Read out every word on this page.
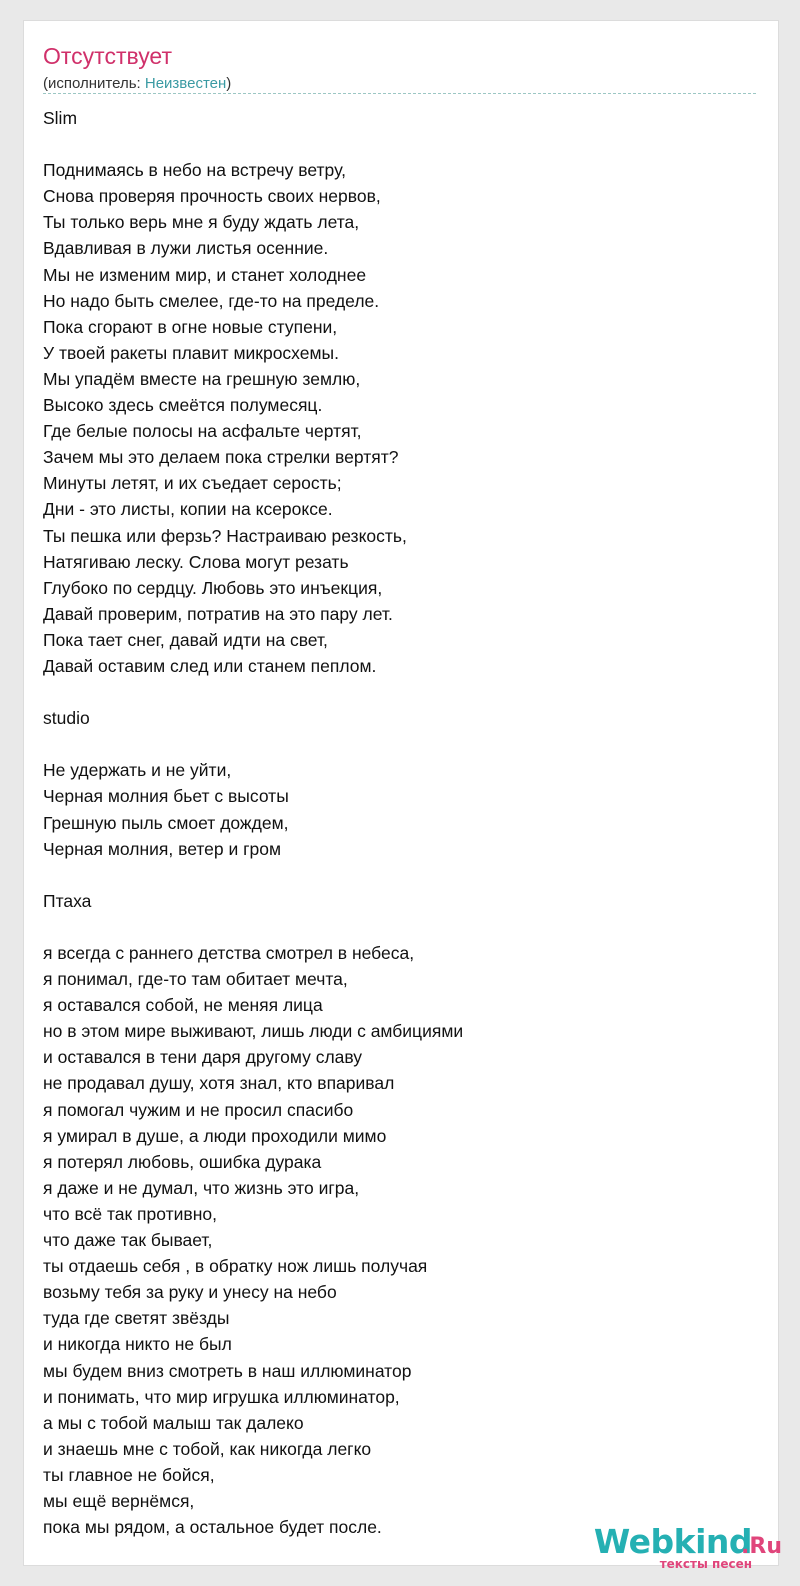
Отсутствует
(исполнитель: Неизвестен)
Slim
Поднимаясь в небо на встречу ветру,
Снова проверяя прочность своих нервов,
Ты только верь мне я буду ждать лета,
Вдавливая в лужи листья осенние.
Мы не изменим мир, и станет холоднее
Но надо быть смелее, где-то на пределе.
Пока сгорают в огне новые ступени,
У твоей ракеты плавит микросхемы.
Мы упадём вместе на грешную землю,
Высоко здесь смеётся полумесяц.
Где белые полосы на асфальте чертят,
Зачем мы это делаем пока стрелки вертят?
Минуты летят, и их съедает серость;
Дни - это листы, копии на ксероксе.
Ты пешка или ферзь? Настраиваю резкость,
Натягиваю леску. Слова могут резать
Глубоко по сердцу. Любовь это инъекция,
Давай проверим, потратив на это пару лет.
Пока тает снег, давай идти на свет,
Давай оставим след или станем пеплом.
studio
Не удержать и не уйти,
Черная молния бьет с высоты
Грешную пыль смоет дождем,
Черная молния, ветер и гром
Птаха
я всегда с раннего детства смотрел в небеса,
я понимал, где-то там обитает мечта,
я оставался собой, не меняя лица
но в этом мире выживают, лишь люди с амбициями
и оставался в тени даря другому славу
не продавал душу, хотя знал, кто впаривал
я помогал чужим и не просил спасибо
я умирал в душе, а люди проходили мимо
я потерял любовь, ошибка дурака
я даже и не думал, что жизнь это игра,
что всё так противно,
что даже так бывает,
ты отдаешь себя , в обратку нож лишь получая
возьму тебя за руку и унесу на небо
туда где светят звёзды
и никогда никто не был
мы будем вниз смотреть в наш иллюминатор
и понимать, что мир игрушка иллюминатор,
а мы с тобой малыш так далеко
и знаешь мне с тобой, как никогда легко
ты главное не бойся,
мы ещё вернёмся,
пока мы рядом, а остальное будет после.	Webkind
.Ru
тексты песен
